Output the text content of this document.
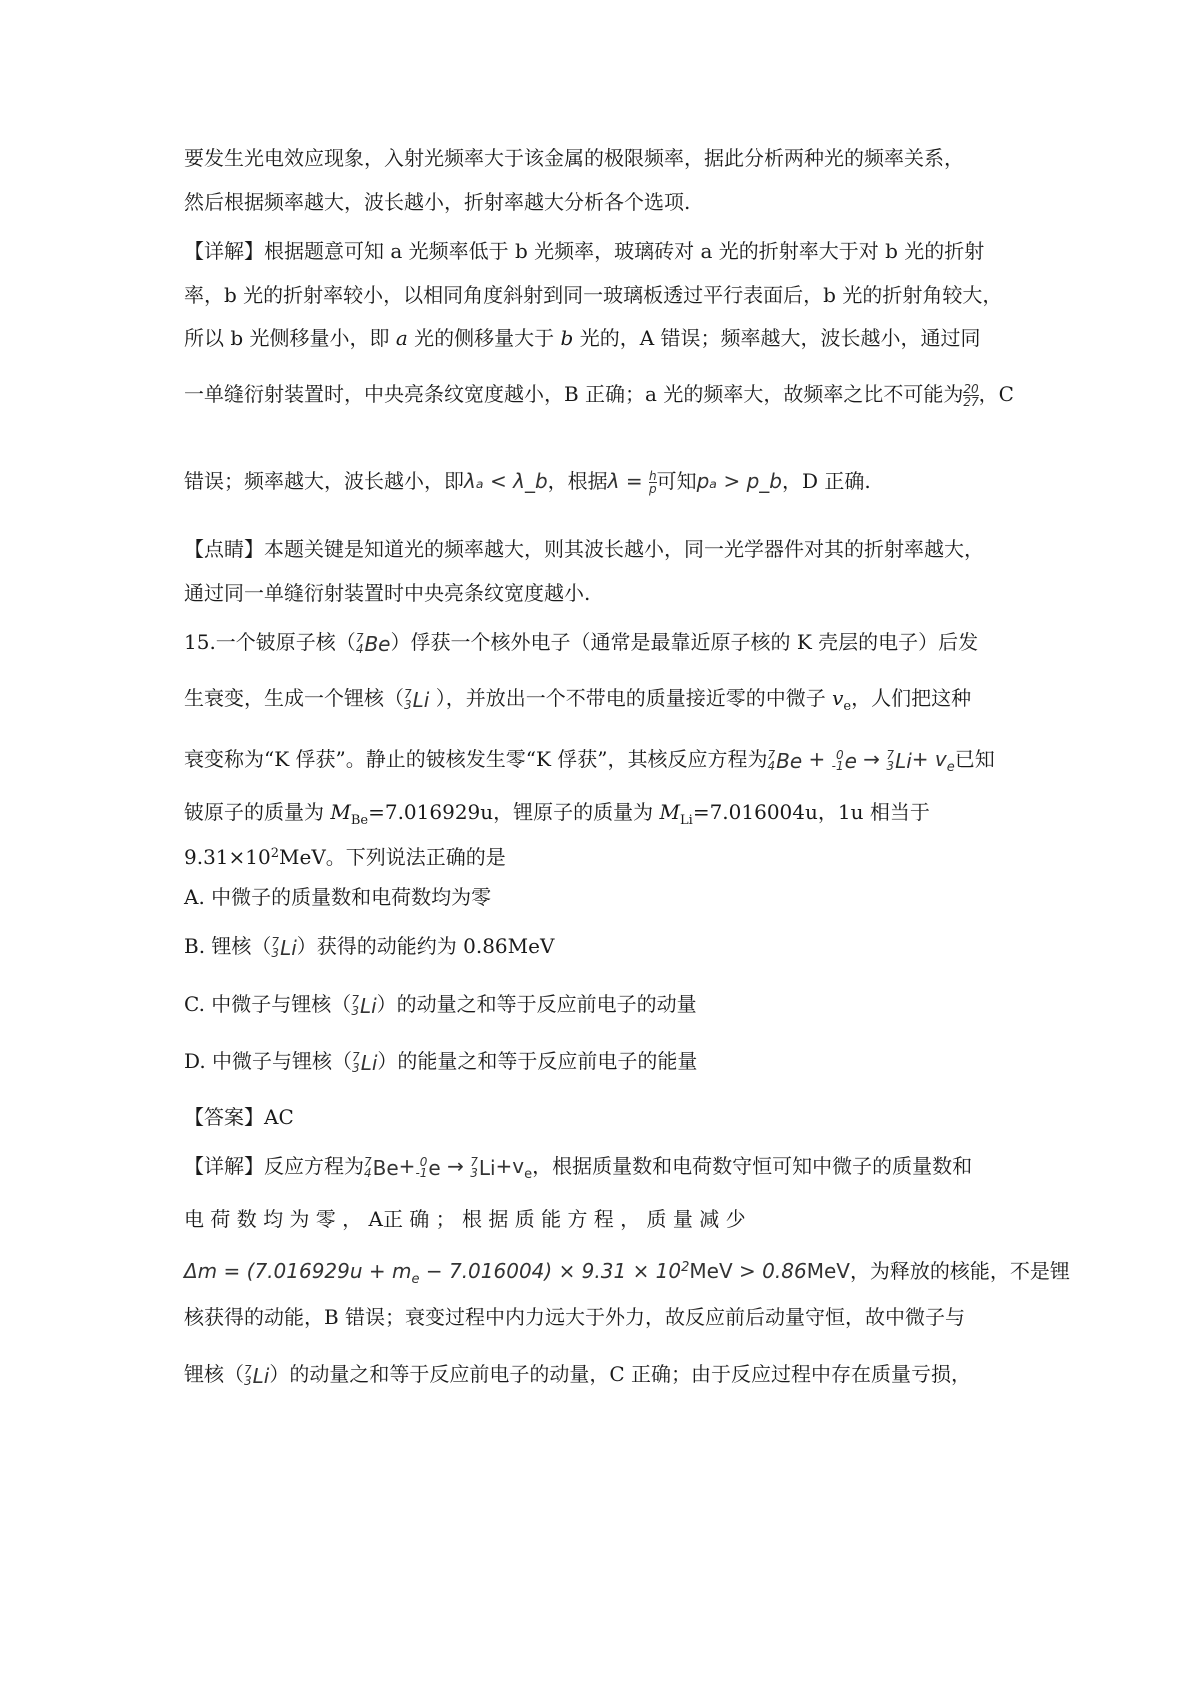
要发生光电效应现象，入射光频率大于该金属的极限频率，据此分析两种光的频率关系，
然后根据频率越大，波长越小，折射率越大分析各个选项.
【详解】根据题意可知 a 光频率低于 b 光频率，玻璃砖对 a 光的折射率大于对 b 光的折射
率，b 光的折射率较小，以相同角度斜射到同一玻璃板透过平行表面后，b 光的折射角较大，
所以 b 光侧移量小，即 a 光的侧移量大于 b 光的，A 错误；频率越大，波长越小，通过同
一单缝衍射装置时，中央亮条纹宽度越小，B 正确；a 光的频率大，故频率之比不可能为 $\frac{20}{27}$ ，C
错误；频率越大，波长越小，即λₐ < λ_b，根据$\lambda = \frac{h}{p}$ 可知pₐ > p_b，D 正确.
【点睛】本题关键是知道光的频率越大，则其波长越小，同一光学器件对其的折射率越大，
通过同一单缝衍射装置时中央亮条纹宽度越小.
15.一个铍原子核（ 7
4 Be ）俘获一个核外电子（通常是最靠近原子核的 K 壳层的电子）后发
生衰变，生成一个锂核（ 7
3 Li ），并放出一个不带电的质量接近零的中微子 $v_e$，人们把这种
衰变称为“K 俘获”。静止的铍核发生零“K 俘获”，其核反应方程为 7
4 Be + 0
-1 e → 7
3 $Li + v_e$已知
铍原子的质量为 $M_{Be}=7.016929u$，锂原子的质量为 $M_{Li}=7.016004u$，1u 相当于
$9.31\times 10^2MeV$。下列说法正确的是
A. 中微子的质量数和电荷数均为零
B. 锂核（ 7
3 Li ）获得的动能约为 0.86MeV
C. 中微子与锂核（ 7
3 Li ）的动量之和等于反应前电子的动量
D. 中微子与锂核（ 7
3 Li ）的能量之和等于反应前电子的能量
【答案】AC
【详解】反应方程为 7
4 Be + 0
-1 e → 7
3 $Li +v_e$，根据质量数和电荷数守恒可知中微子的质量数和
电 荷 数 均 为 零 ， A正 确 ； 根 据 质 能 方 程 ， 质 量 减 少
$\Delta m = (7.016929u + m_e - 7.016004) \times 9.31 \times 10^2MeV > 0.86MeV$，为释放的核能，不是锂
核获得的动能，B 错误；衰变过程中内力远大于外力，故反应前后动量守恒，故中微子与
锂核（ 7
3 Li ）的动量之和等于反应前电子的动量，C 正确；由于反应过程中存在质量亏损，
